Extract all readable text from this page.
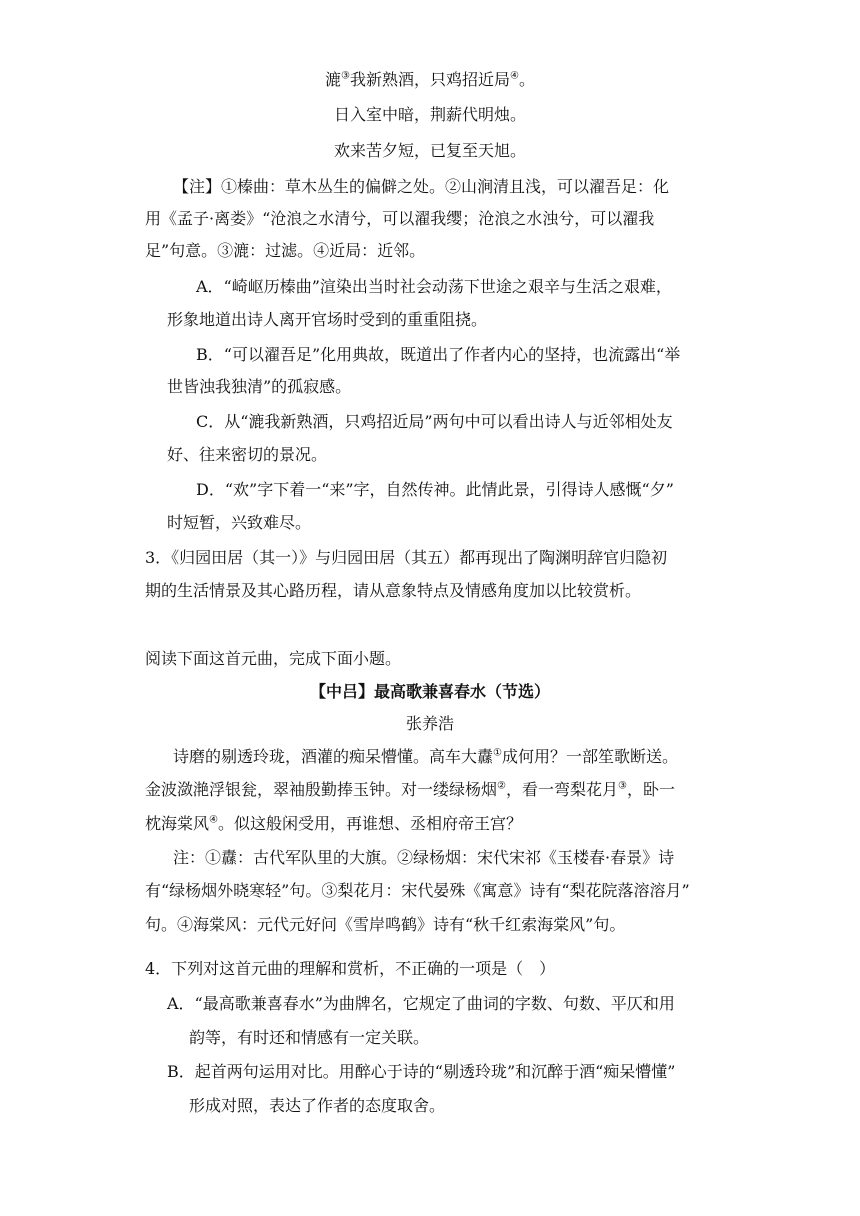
漉③我新熟酒，只鸡招近局④。
日入室中暗，荆薪代明烛。
欢来苦夕短，已复至天旭。
【注】①榛曲：草木丛生的偏僻之处。②山涧清且浅，可以濯吾足：化
用《孟子·离娄》“沧浪之水清兮，可以濯我缨；沧浪之水浊兮，可以濯我
足”句意。③漉：过滤。④近局：近邻。
A．“崎岖历榛曲”渲染出当时社会动荡下世途之艰辛与生活之艰难，
形象地道出诗人离开官场时受到的重重阻挠。
B．“可以濯吾足”化用典故，既道出了作者内心的坚持，也流露出“举
世皆浊我独清”的孤寂感。
C．从“漉我新熟酒，只鸡招近局”两句中可以看出诗人与近邻相处友
好、往来密切的景况。
D．“欢”字下着一“来”字，自然传神。此情此景，引得诗人感慨“夕”
时短暂，兴致难尽。
3．《归园田居（其一）》与归园田居（其五）都再现出了陶渊明辞官归隐初
期的生活情景及其心路历程，请从意象特点及情感角度加以比较赏析。
阅读下面这首元曲，完成下面小题。
【中吕】最高歌兼喜春水（节选）
张养浩
诗磨的剔透玲珑，酒灌的痴呆懵懂。高车大纛①成何用？一部笙歌断送。
金波潋滟浮银瓮，翠袖殷勤捧玉钟。对一缕绿杨烟②，看一弯梨花月③，卧一
枕海棠风④。似这般闲受用，再谁想、丞相府帝王宫？
注：①纛：古代军队里的大旗。②绿杨烟：宋代宋祁《玉楼春·春景》诗
有“绿杨烟外晓寒轻”句。③梨花月：宋代晏殊《寓意》诗有“梨花院落溶溶月”
句。④海棠风：元代元好问《雪岸鸣鹤》诗有“秋千红索海棠风”句。
4．下列对这首元曲的理解和赏析，不正确的一项是（　）
A．“最高歌兼喜春水”为曲牌名，它规定了曲词的字数、句数、平仄和用
韵等，有时还和情感有一定关联。
B．起首两句运用对比。用醉心于诗的“剔透玲珑”和沉醉于酒“痴呆懵懂”
形成对照，表达了作者的态度取舍。
